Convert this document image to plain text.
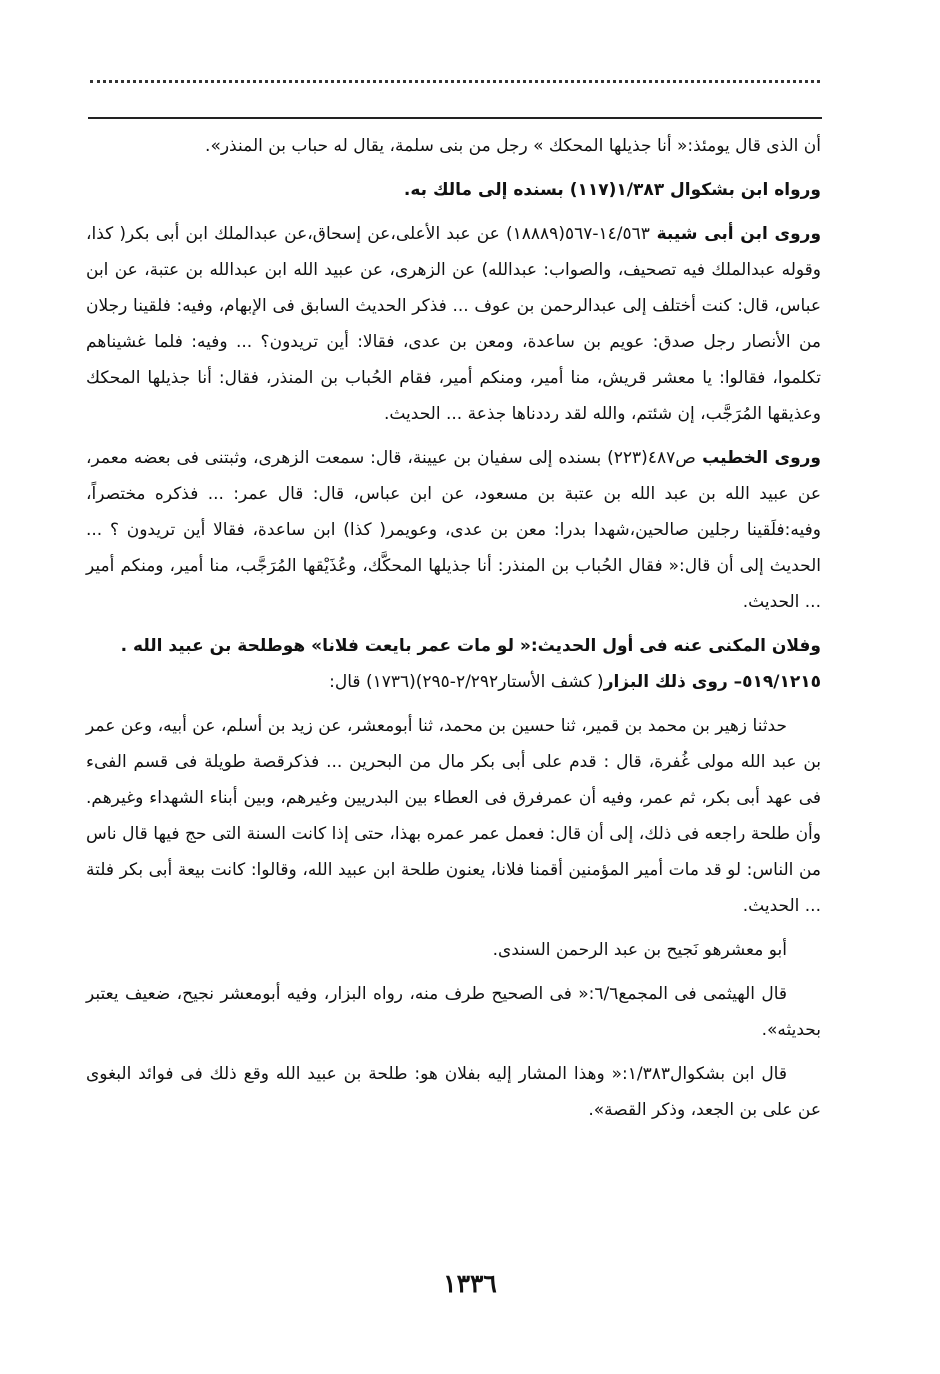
أن الذى قال يومئذ:« أنا جذيلها المحكك » رجل من بنى سلمة، يقال له حباب بن المنذر».

ورواه ابن بشكوال ١/٣٨٣(١١٧) بسنده إلى مالك به.

وروى ابن أبى شيبة ١٤/٥٦٣-٥٦٧(١٨٨٨٩) عن عبد الأعلى،عن إسحاق،عن عبدالملك ابن أبى بكر( كذا، وقوله عبدالملك فيه تصحيف، والصواب: عبدالله) عن الزهرى، عن عبيد الله ابن عبدالله بن عتبة، عن ابن عباس، قال: كنت أختلف إلى عبدالرحمن بن عوف ... فذكر الحديث السابق فى الإبهام، وفيه: فلقينا رجلان من الأنصار رجل صدق: عويم بن ساعدة، ومعن بن عدى، فقالا: أين تريدون؟ ... وفيه: فلما غشيناهم تكلموا، فقالوا: يا معشر قريش، منا أمير، ومنكم أمير، فقام الحُباب بن المنذر، فقال: أنا جذيلها المحكك وعذيقها المُرَجَّب، إن شئتم، والله لقد رددناها جذعة ... الحديث.

وروى الخطيب ص٤٨٧(٢٢٣) بسنده إلى سفيان بن عيينة، قال: سمعت الزهرى، وثبتنى فى بعضه معمر، عن عبيد الله بن عبد الله بن عتبة بن مسعود، عن ابن عباس، قال: قال عمر: ... فذكره مختصراً، وفيه:فلَقينا رجلين صالحين،شهدا بدرا: معن بن عدى، وعويمر( كذا) ابن ساعدة، فقالا أين تريدون ؟ ... الحديث إلى أن قال:« فقال الحُباب بن المنذر: أنا جذيلها المحكَّك، وعُذَيْقها المُرَجَّب، منا أمير، ومنكم أمير ... الحديث.

وفلان المكنى عنه فى أول الحديث:« لو مات عمر بايعت فلانا» هوطلحة بن عبيد الله .

٥١٩/١٢١٥– روى ذلك البزار( كشف الأستار٢/٢٩٢-٢٩٥)(١٧٣٦) قال:

حدثنا زهير بن محمد بن قمير، ثنا حسين بن محمد، ثنا أبومعشر، عن زيد بن أسلم، عن أبيه، وعن عمر بن عبد الله مولى غُفرة، قال : قدم على أبى بكر مال من البحرين ... فذكرقصة طويلة فى قسم الفىء فى عهد أبى بكر، ثم عمر، وفيه أن عمرفرق فى العطاء بين البدريين وغيرهم، وبين أبناء الشهداء وغيرهم. وأن طلحة راجعه فى ذلك، إلى أن قال: فعمل عمر عمره بهذا، حتى إذا كانت السنة التى حج فيها قال ناس من الناس: لو قد مات أمير المؤمنين أقمنا فلانا، يعنون طلحة ابن عبيد الله، وقالوا: كانت بيعة أبى بكر فلتة ... الحديث.

أبو معشرهو نَجيح بن عبد الرحمن السندى.

قال الهيثمى فى المجمع٦/٦:« فى الصحيح طرف منه، رواه البزار، وفيه أبومعشر نجيح، ضعيف يعتبر بحديثه».

قال ابن بشكوال١/٣٨٣:« وهذا المشار إليه بفلان هو: طلحة بن عبيد الله وقع ذلك فى فوائد البغوى عن على بن الجعد، وذكر القصة».

١٣٣٦
